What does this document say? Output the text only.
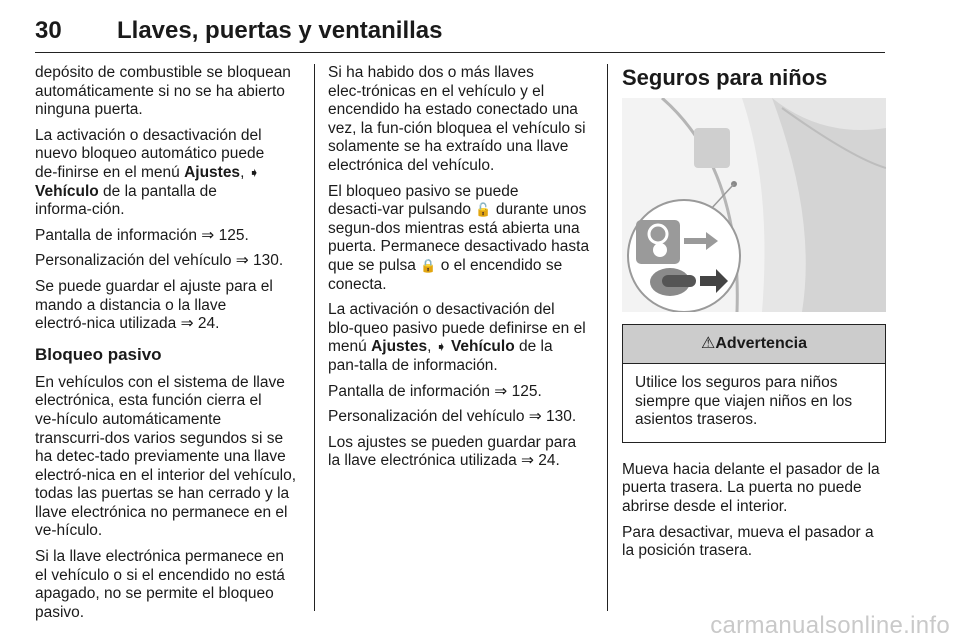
30 Llaves, puertas y ventanillas

depósito de combustible se bloquean automáticamente si no se ha abierto ninguna puerta.

La activación o desactivación del nuevo bloqueo automático puede de‑finirse en el menú Ajustes, ➧
Vehículo de la pantalla de informa‑ción.

Pantalla de información ⇒ 125.

Personalización del vehículo ⇒ 130.

Se puede guardar el ajuste para el mando a distancia o la llave electró‑nica utilizada ⇒ 24.

Bloqueo pasivo

En vehículos con el sistema de llave electrónica, esta función cierra el ve‑hículo automáticamente transcurri‑dos varios segundos si se ha detec‑tado previamente una llave electró‑nica en el interior del vehículo, todas las puertas se han cerrado y la llave electrónica no permanece en el ve‑hículo.

Si la llave electrónica permanece en el vehículo o si el encendido no está apagado, no se permite el bloqueo pasivo.

Si ha habido dos o más llaves elec‑trónicas en el vehículo y el encendido ha estado conectado una vez, la fun‑ción bloquea el vehículo si solamente se ha extraído una llave electrónica del vehículo.

El bloqueo pasivo se puede desacti‑var pulsando 🔓 durante unos segun‑dos mientras está abierta una puerta. Permanece desactivado hasta que se pulsa 🔒 o el encendido se conecta.

La activación o desactivación del blo‑queo pasivo puede definirse en el menú Ajustes, ➧ Vehículo de la pan‑talla de información.

Pantalla de información ⇒ 125.

Personalización del vehículo ⇒ 130.

Los ajustes se pueden guardar para la llave electrónica utilizada ⇒ 24.

Seguros para niños
⚠Advertencia
Utilice los seguros para niños siempre que viajen niños en los asientos traseros.

Mueva hacia delante el pasador de la puerta trasera. La puerta no puede abrirse desde el interior.

Para desactivar, mueva el pasador a la posición trasera.

carmanualsonline.info
